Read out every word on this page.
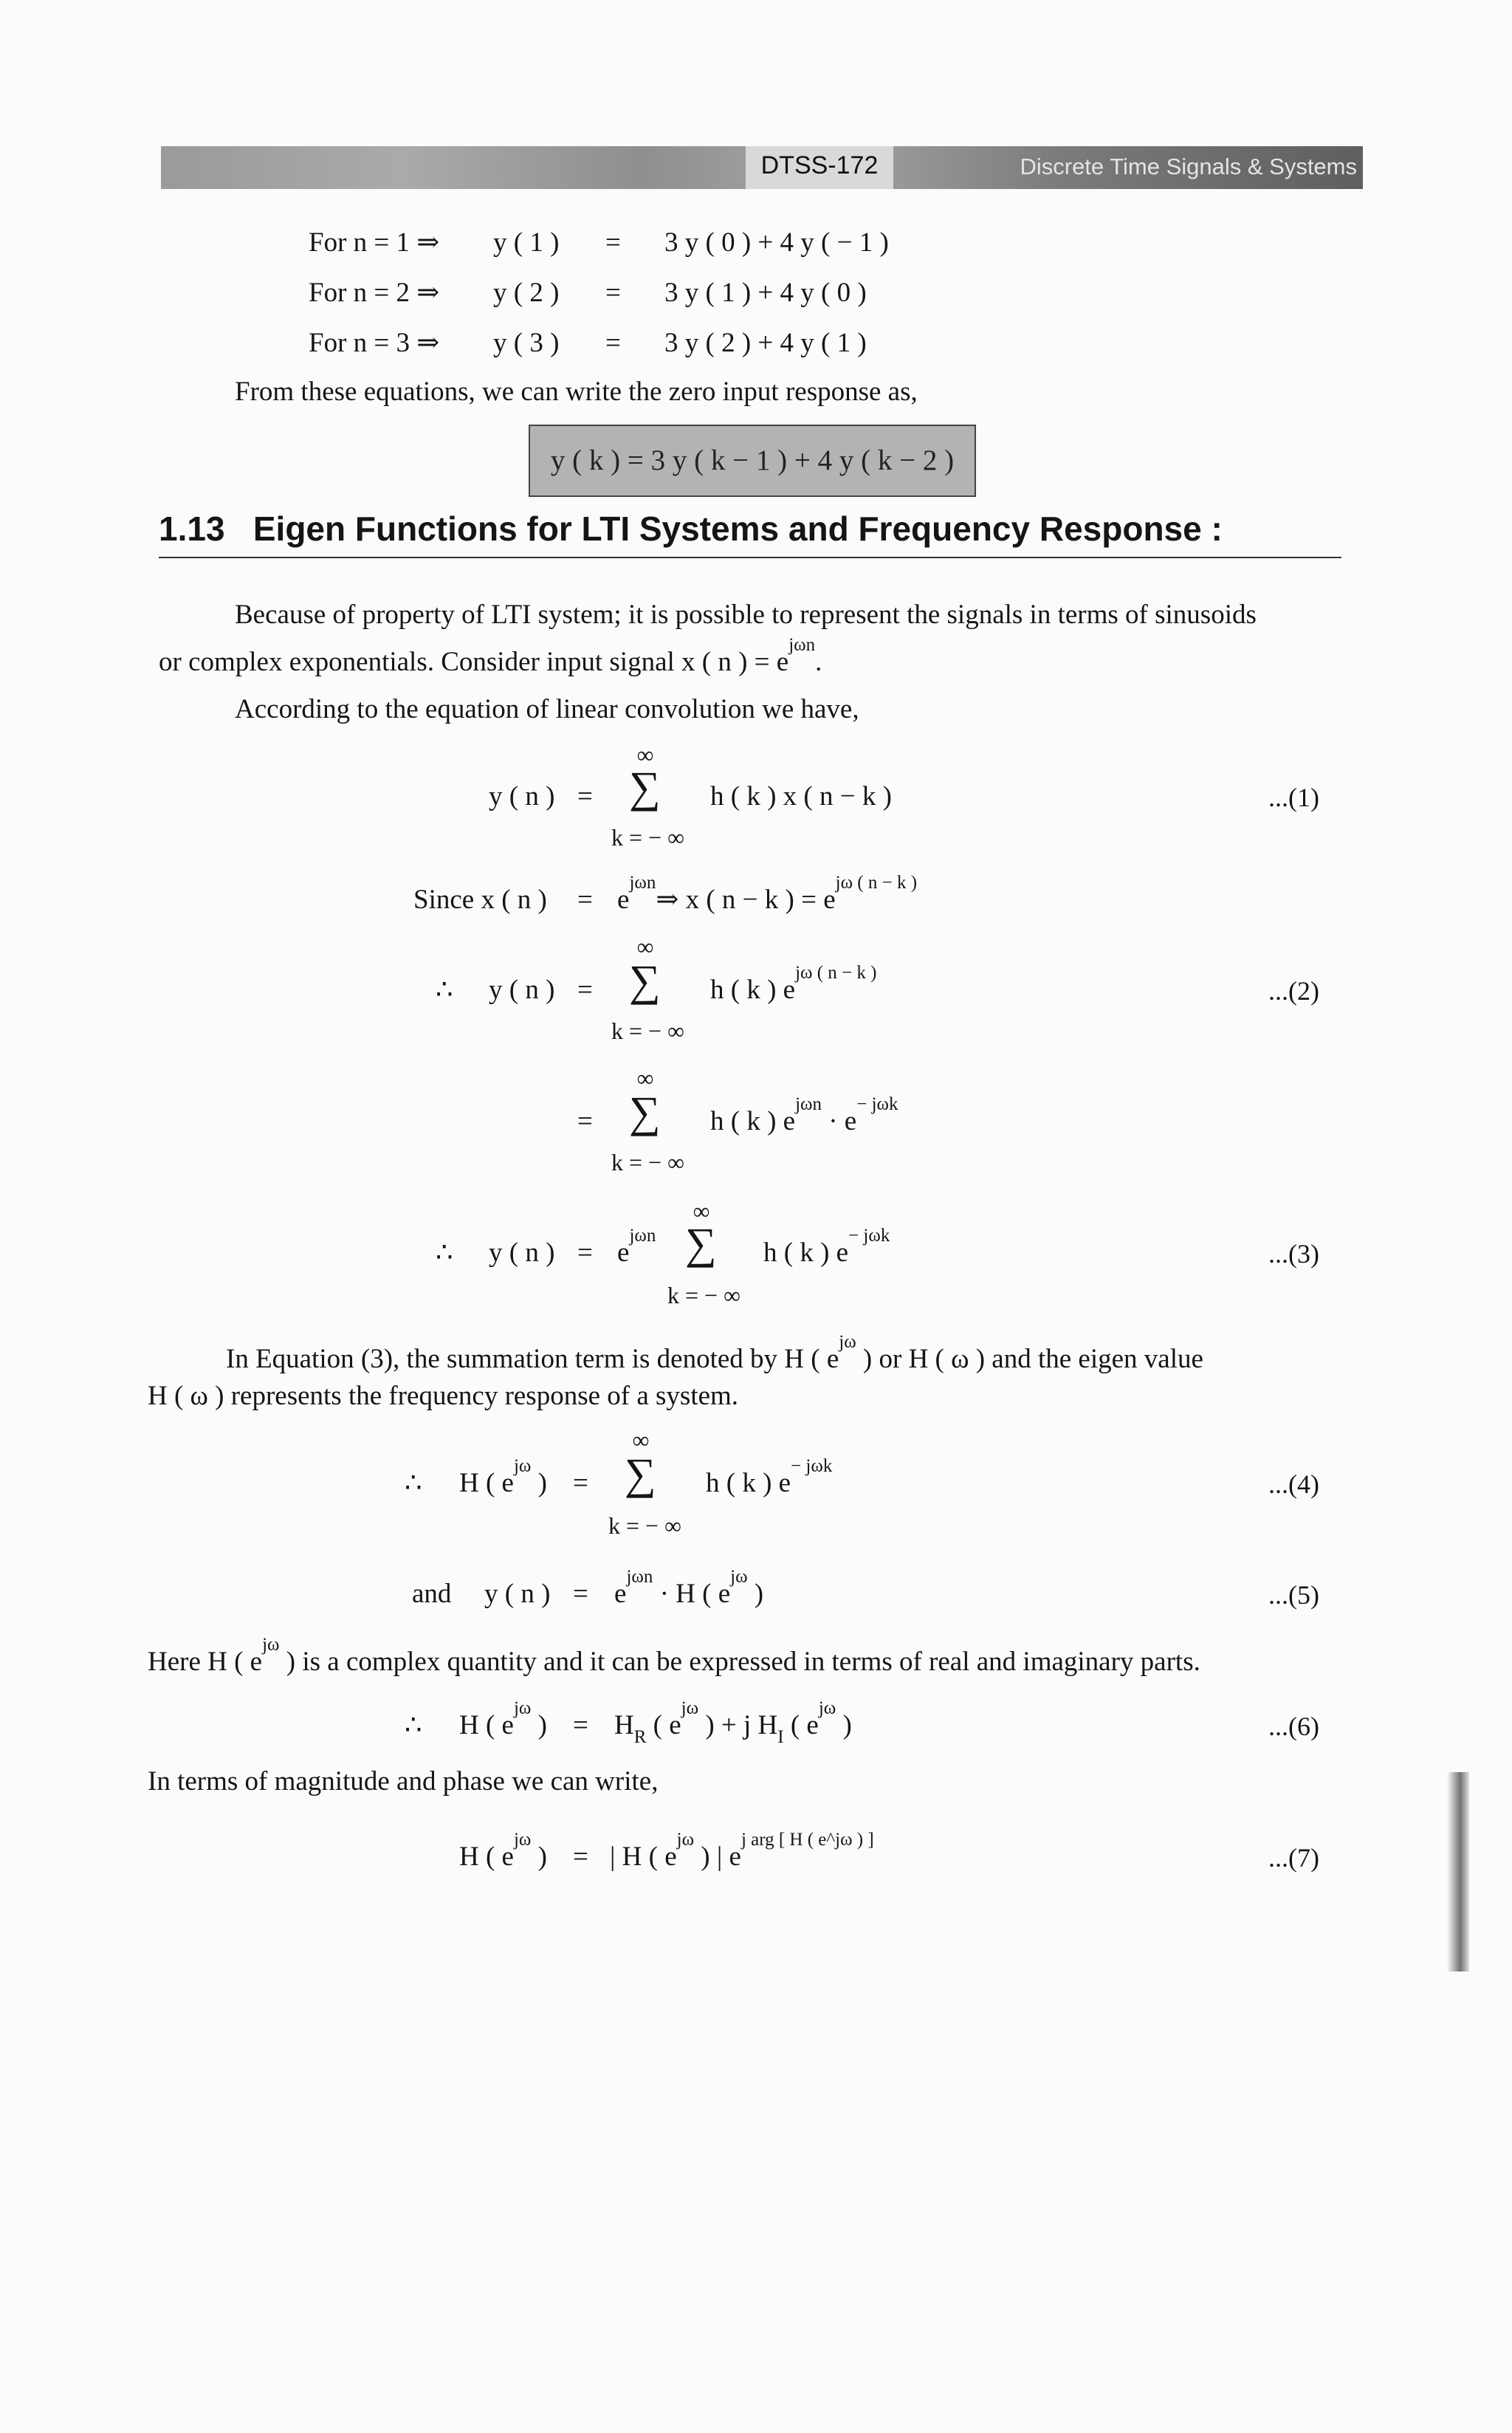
DTSS-172	Discrete Time Signals & Systems
For n = 1 ⇒ y ( 1 ) = 3 y ( 0 ) + 4 y ( − 1 )
For n = 2 ⇒ y ( 2 ) = 3 y ( 1 ) + 4 y ( 0 )
For n = 3 ⇒ y ( 3 ) = 3 y ( 2 ) + 4 y ( 1 )
From these equations, we can write the zero input response as,
y ( k ) = 3 y ( k − 1 ) + 4 y ( k − 2 )
1.13 Eigen Functions for LTI Systems and Frequency Response :
Because of property of LTI system; it is possible to represent the signals in terms of sinusoids
or complex exponentials. Consider input signal x ( n ) = $e^{j\omega n}$.
According to the equation of linear convolution we have,
y ( n ) =
∞
∑
k = − ∞
h ( k ) x ( n − k )	...(1)
Since x ( n ) = $e^{j\omega n}\Rightarrow$ x ( n − k ) = $e^{j\omega ( n - k )}$
∴ y ( n ) =
∞
∑
k = − ∞
h ( k ) $e^{j\omega ( n - k )}$
...(2)
=
∞
∑
k = − ∞
h ( k ) $e^{j\omega n} \cdot e^{- j\omega k}$
∴ y ( n ) = $e^{j\omega n}$
∞
∑
k = − ∞
h ( k ) $e^{- j\omega k}$
...(3)
In Equation (3), the summation term is denoted by H ( $e^{j\omega}$ ) or H ( ω ) and the eigen value
H ( ω ) represents the frequency response of a system.
∴ H ( $e^{j\omega}$ ) =
∞
∑
k = − ∞
h ( k ) $e^{- j\omega k}$
...(4)
and y ( n ) = $e^{j\omega n} \cdot H$ ( $e^{j\omega}$ )	...(5)
Here H ( $e^{j\omega}$ ) is a complex quantity and it can be expressed in terms of real and imaginary parts.
∴ H ( $e^{j\omega}$ ) = $H_R$ ( $e^{j\omega}$ ) + j $H_I$ ( $e^{j\omega}$ )	...(6)
In terms of magnitude and phase we can write,
H ( $e^{j\omega}$ ) = | H ( $e^{j\omega}$ ) | $e^{j arg [ H ( e\^{}j\omega ) ]}$
...(7)
